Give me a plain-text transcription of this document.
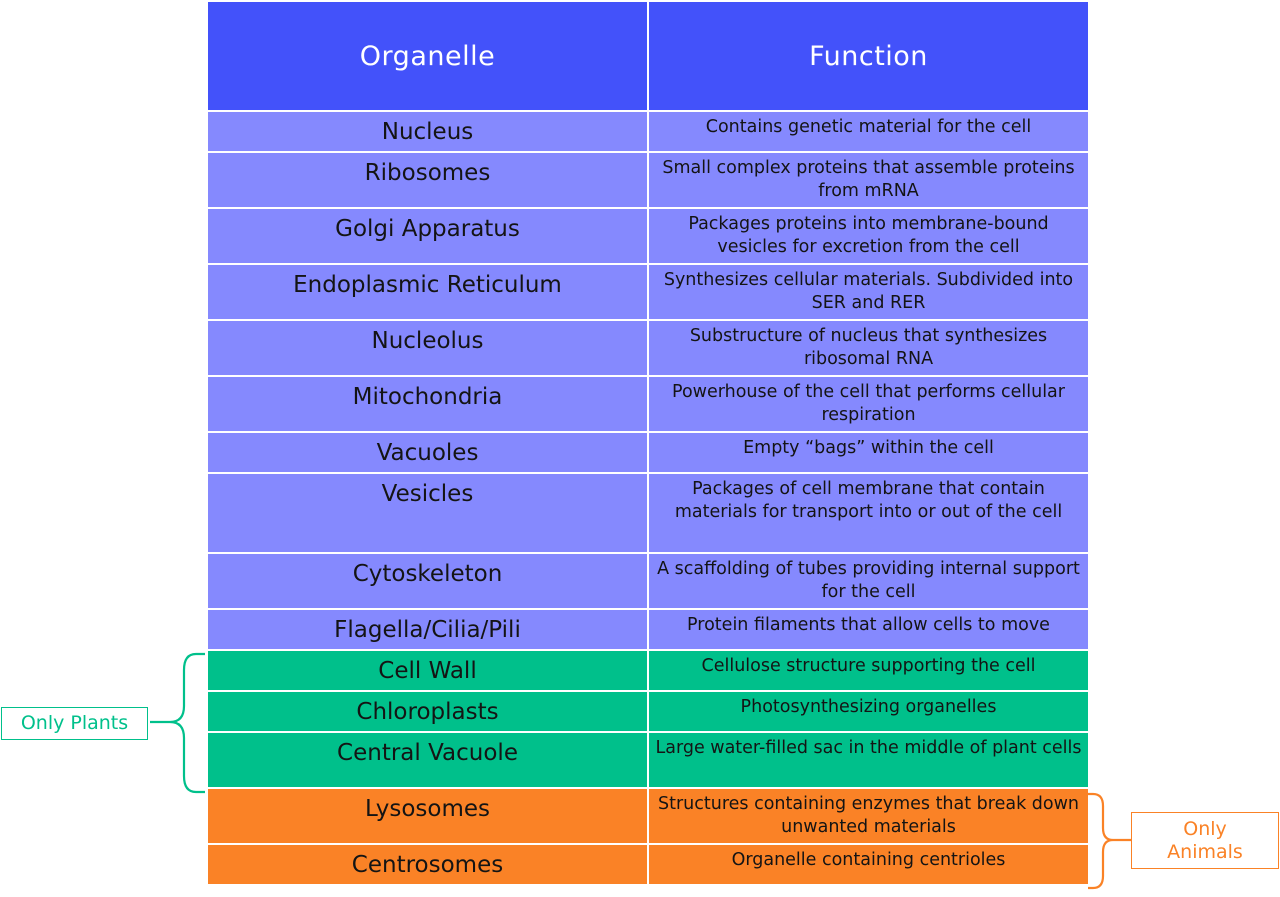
Organelle	Function
Nucleus	Contains genetic material for the cell
Ribosomes	Small complex proteins that assemble proteins from mRNA
Golgi Apparatus	Packages proteins into membrane-bound vesicles for excretion from the cell
Endoplasmic Reticulum	Synthesizes cellular materials. Subdivided into SER and RER
Nucleolus	Substructure of nucleus that synthesizes ribosomal RNA
Mitochondria	Powerhouse of the cell that performs cellular respiration
Vacuoles	Empty “bags” within the cell
Vesicles	Packages of cell membrane that contain materials for transport into or out of the cell
Cytoskeleton	A scaffolding of tubes providing internal support for the cell
Flagella/Cilia/Pili	Protein filaments that allow cells to move
Cell Wall	Cellulose structure supporting the cell
Chloroplasts	Photosynthesizing organelles
Central Vacuole	Large water-filled sac in the middle of plant cells
Lysosomes	Structures containing enzymes that break down unwanted materials
Centrosomes	Organelle containing centrioles
Only Plants
Only
Animals
